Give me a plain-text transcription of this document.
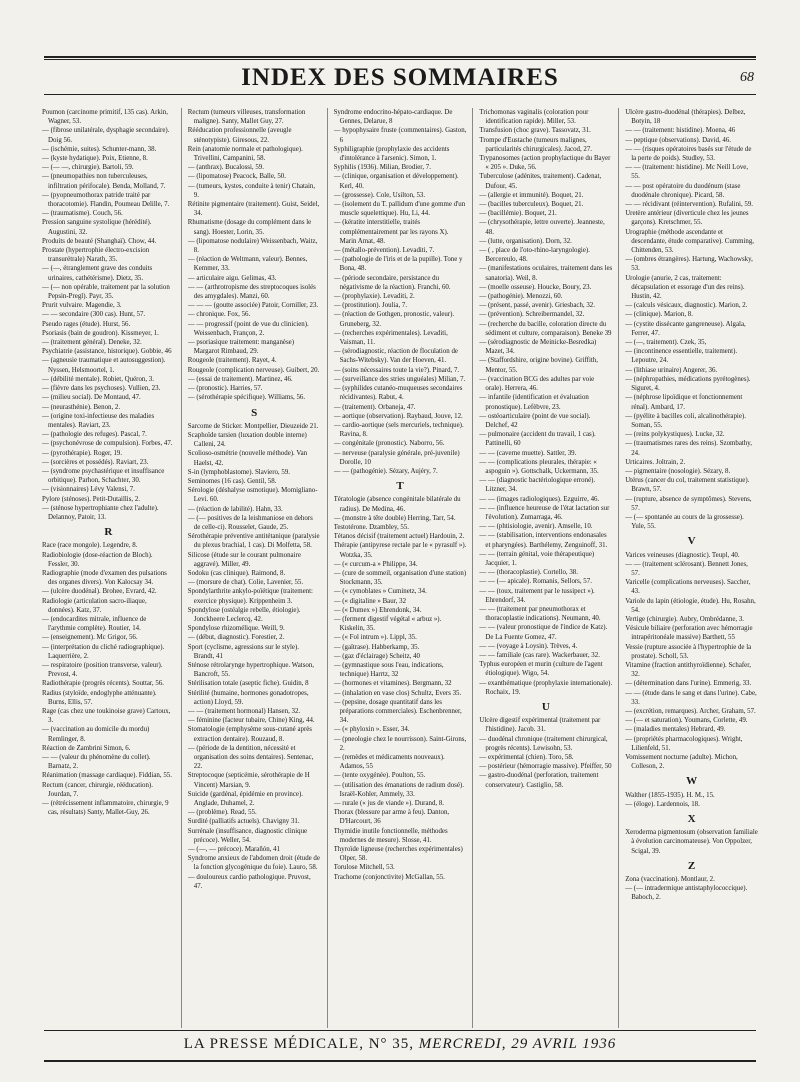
INDEX DES SOMMAIRES	68

Poumon (carcinome primitif, 135 cas). Arkin, Wagner, 53.

— (fibrose unilatérale, dysphagie secondaire). Doig 56.

— (ischémie, suites). Schunter-mann, 38.

— (kyste hydatique). Poix, Etienne, 8.

— (— —, chirurgie). Bartoli, 59.

— (pneumopathies non tuberculeuses, infiltration périfocale). Benda, Molland, 7.

— (pyopneumothorax patride traité par thoracotomie). Flandin, Poumeau Delille, 7.

— (traumatisme). Couch, 56.

Pression sanguine systolique (hérédité). Augustini, 32.

Produits de beauté (Shanghaï). Chow, 44.

Prostate (hypertrophie électro-excision transurétrale) Narath, 35.

— (—, étranglement grave des conduits urinaires, cathétérisme). Dietz, 35.

— (— non opérable, traitement par la solution Pepsin-Pregl). Payr, 35.

Prurit vulvaire. Magendie, 3.

— — secondaire (300 cas). Hunt, 57.

Pseudo rages (étude). Hurst, 56.

Psoriasis (bain de goudron). Kissmeyer, 1.

— (traitement général). Deneke, 32.

Psychiatrie (assistance, historique). Gobbie, 46

— (agneusie traumatique et autosuggestion). Nyssen, Helsmoortel, 1.

— (débilité mentale). Robiet, Quéron, 3.

— (fièvre dans les psychoses). Vullien, 23.

— (milieu social). De Montaud, 47.

— (neurasthénie). Benon, 2.

— (origine toxi-infectieuse des maladies mentales). Raviart, 23.

— (pathologie des refuges). Pascal, 7.

— (psychonévrose de compulsion). Forbes, 47.

— (pyrothérapie). Roger, 19.

— (sorcières et possédés). Raviart, 23.

— (syndrome psychastérique et insuffisance orbitique). Parhon, Schachter, 30.

— (visionnaires) Lévy Valensi, 7.

Pylore (sténoses). Petit-Dutaillis, 2.

— (sténose hypertrophiante chez l'adulte). Delannoy, Patoir, 13.

R

Race (race mongole). Legendre, 8.

Radiobiologie (dose-réaction de Bloch). Fessler, 30.

Radiographie (mode d'examen des pulsations des organes divers). Von Kalocsay 34.

— (ulcère duodénal). Brohee, Evrard, 42.

Radiologie (articulation sacro-iliaque, données). Katz, 37.

— (endocardites mitrale, influence de l'arythmie complète). Routier, 14.

— (enseignement). Mc Grigor, 56.

— (interprétation du cliché radiographique). Laquerrière, 2.

— respiratoire (position transverse, valeur). Prevost, 4.

Radiothérapie (progrès récents). Souttar, 56.

Radius (styloïde, endoglyphe atténuante). Burns, Ellis, 57.

Rage (cas chez une toukinoise grave) Cartoux, 3.

— (vaccination au domicile du mordu) Remlinger, 8.

Réaction de Zambrini Simon, 6.

— — (valeur du phénomène du collet). Barnatz, 2.

Réanimation (massage cardiaque). Fiddian, 55.

Rectum (cancer, chirurgie, rééducation). Jourdan, 7.

— (rétrécissement inflammatoire, chirurgie, 9 cas, résultats) Santy, Mallet-Guy, 26.

Rectum (tumeurs villeuses, transformation maligne). Santy, Mallet Guy, 27.

Rééducation professionnelle (aveugle sténotypiste). Giresous, 22.

Rein (anatomie normale et pathologique). Trivellini, Campanini, 58.

— (anthrax). Bucalossi, 59.

— (lipomatose) Peacock, Balle, 50.

— (tumeurs, kystes, conduite à tenir) Chatain, 9.

Rétinite pigmentaire (traitement). Guist, Seidel, 34.

Rhumatisme (dosage du complément dans le sang). Hoester, Lorin, 35.

— (lipomatose nodulaire) Weissenbach, Waitz, 8.

— (réaction de Weltmann, valeur). Bennes, Kemmer, 33.

— articulaire aigu. Gelimas, 43.

— — (arthrotropisme des streptocoques isolés des amygdales). Manzi, 60.

— — — (goutte associée) Patoir, Corniller, 23.

— chronique. Fox, 56.

— — progressif (point de vue du clinicien). Weissenbach, Françon, 2.

— psoriasique traitement: manganèse) Margarot Rimbaud, 29.

Rougeole (traitement). Rayet, 4.

Rougeole (complication nerveuse). Guibert, 20.

— (essai de traitement). Martinez, 46.

— (pronostic). Harries, 57.

— (sérothérapie spécifique). Williams, 56.

S

Sarcome de Sticker. Montpellier, Dieuzeide 21.

Scaphoïde tarsien (luxation double interne) Calleni, 24.

Scolioso-osmétrie (nouvelle méthode). Van Haelst, 42.

S-in (lymphoblastome). Slaviero, 59.

Seminomes (16 cas). Gentil, 58.

Sérologie (déshalyse osmotique). Momigliano-Levi. 60.

— (réaction de labilité). Hahn, 33.

— (— positives de la leishmaniose en dehors de celle-ci). Rousselet, Gaude, 25.

Sérothérapie préventive antitétanique (paralysie du plexus brachial, 1 cas). Di Molfetta, 58.

Silicose (étude sur le courant pulmonaire aggravé). Miller, 49.

Sodoku (cas clinique). Raimond, 8.

— (morsure de chat). Colie, Lavenier, 55.

Spondylarthrite ankylo-poïétique (traitement: exercice physique). Krippenheim 3.

Spondylose (ostéalgie rebelle, étiologie). Jonckheere Leclercq, 42.

Spondylose rhizomélique. Weill, 9.

— (début, diagnostic). Forestier, 2.

Sport (cyclisme, agressions sur le style). Brandt, 41

Sténose rétrolarynge hypertrophique. Watson, Bancroft, 55.

Stérilisation totale (aseptic fiche). Guidin, 8

Stérilité (humaine, hormones gonadotropes, action) Lloyd, 59.

— — (traitement hormonal) Hansen, 32.

— féminine (facteur tubaire, Chine) King, 44.

Stomatologie (emphysème sous-cutané après extraction dentaire). Rouzaud, 8.

— (période de la dentition, nécessité et organisation des soins dentaires). Sentenac, 22.

Streptocoque (septicémie, sérothérapie de H Vincent) Marsian, 9.

Suicide (gardénal, épidémie en province). Anglade, Duhamel, 2.

— (problème). Read, 55.

Surdité (palliatifs actuels). Chavigny 31.

Surrénale (insuffisance, diagnostic clinique précoce). Weller, 54.

— (—, — précoce). Marañón, 41

Syndrome anxieux de l'abdomen droit (étude de la fonction glycogénique du foie). Lauro, 58.

— douloureux cardio pathologique. Pruvost, 47.

Syndrome endocrino-hépato-cardiaque. De Gennes, Delarue, 8

— hypophysaire fruste (commentaires). Gaston, 6

Syphiligraphie (prophylaxie des accidents d'intolérance à l'arsenic). Simon, 1.

Syphilis (1936). Milian, Brodier, 7.

— (clinique, organisation et développement). Kerl, 40.

— (grossesse). Cole, Usilton, 53.

— (isolement du T. pallidum d'une gomme d'un muscle squelettique). Hu, Li, 44.

— (kératite interstitielle, traités complémentairement par les rayons X). Marin Amat, 48.

— (métallo-prévention). Levaditi, 7.

— (pathologie de l'iris et de la pupille). Tone y Bona, 48.

— (période secondaire, persistance du négativisme de la réaction). Franchi, 60.

— (prophylaxie). Levaditi, 2.

— (prostitution). Joulia, 7.

— (réaction de Gothgen, pronostic, valeur). Gruneberg, 32.

— (recherches expérimentales). Levaditi, Vaisman, 11.

— (sérodiagnostic, réaction de floculation de Sachs-Witebsky). Van der Hoeven, 41.

— (soins nécessaires toute la vie?). Pinard, 7.

— (surveillance des stries unguéales) Milian, 7.

— (syphilides cutanéo-muqueuses secondaires récidivantes). Rabut, 4.

— (traitement). Orbaneja, 47.

— aortique (observation). Raybaud, Jouve, 12.

— cardio-aortique (sels mercuriels, technique). Ravina, 8.

— congénitale (pronostic). Naborro, 56.

— nerveuse (paralysie générale, pré-juvenile) Dorolle, 10

— — (pathogénie). Sézary, Aujéry, 7.

T

Tératologie (absence congénitale bilatérale du radius). De Medina, 46.

— (monstre à tête double) Herring, Tarr, 54.

Testotérone. Dzambley, 55.

Tétanos décisif (traitement actuel) Hardouin, 2.

Thérapie (antipyrese rectale par le « pyrasulf »). Wotzka, 35.

— (« curcum-a » Philippe, 34.

— (cure de sommeil, organisation d'une station) Stockmann, 35.

— (« cymoblates » Cuminetz, 34.

— (« digitaline » Baur, 32

— (« Dumex ») Ehrendonk, 34.

— (ferment digestif végétal « arbuz »). Kiskelin, 35.

— (« Fol intrum »). Lippl, 35.

— (gaïtrase). Habberkamp, 35.

— (gaz d'éclairage) Scheitz, 40

— (gymnastique sous l'eau, indications, technique) Harrtz, 32

— (hormones et vitamines). Bergmann, 32

— (inhalation en vase clos) Schultz, Evers 35.

— (pepsine, dosage quantitatif dans les préparations commerciales). Eschenbrenner, 34.

— (« phyloxin ». Esser, 34.

— (pneologie chez le nourrisson). Saint-Girons, 2.

— (remèdes et médicaments nouveaux). Adamos, 55

— (tente oxygénée). Poulton, 55.

— (utilisation des émanations de radium dosé). Israël-Kohler, Ammely, 33.

— rurale (« jus de viande »). Durand, 8.

Thorax (blessure par arme à feu). Danton, D'Harcourt, 36

Thymidie inutile fonctionnelle, méthodes modernes de mesure). Slosse, 41.

Thyroïde ligneuse (recherches expérimentales) Olper, 58.

Torulose Mitchell, 53.

Trachome (conjonctivite) McGallan, 55.

Trichomonas vaginalis (coloration pour identification rapide). Miller, 53.

Transfusion (choc grave). Tassovatz, 31.

Trompe d'Eustache (tumeurs malignes, particularités chirurgicales). Jacod, 27.

Trypanosomes (action prophylactique du Bayer « 205 ». Duke, 56.

Tuberculose (adénites, traitement). Cadenat, Dufour, 45.

— (allergie et immunité). Boquet, 21.

— (bacilles tuberculeux). Boquet, 21.

— (bacillémie). Boquet, 21.

— (chrysothérapie, lettre ouverte). Jeanneste, 48.

— (lutte, organisation). Dorn, 32.

— ( , place de l'oto-rhino-laryngologie). Bercereulo, 48.

— (manifestations oculaires, traitement dans les sanatoria). Weil, 8.

— (moelle osseuse). Houcke, Boury, 23.

— (pathogénie). Menozzi, 60.

— (présent, passé, avenir). Griesbach, 32.

— (prévention). Schreibermandel, 32.

— (recherche du bacille, coloration directe du sédiment et culture, comparaison). Beneke 39

— (sérodiagnostic de Meinicke-Besredka) Mazet, 34.

— (Staffordshire, origine bovine). Griffith, Mentor, 55.

— (vaccination BCG des adultes par voie orale). Herrera, 46.

— infantile (identification et évaluation pronostique). Lefèbvre, 23.

— ostéoarticulaire (point de vue social). Delchef, 42

— pulmonaire (accident du travail, 1 cas). Pattinelli, 60

— — (caverne muette). Sattler, 39.

— — (complications pleurales, thérapie: « aspoguin »). Gottschalk, Uckermann, 35.

— — (diagnostic bactériologique erroné). Litzner, 34.

— — (images radiologiques). Ezguirre, 46.

— — (influence heureuse de l'état lactation sur l'évolution). Zumarraga, 46.

— — (phtisiologie, avenir). Amselle, 10.

— — (stabilisation, interventions endonasales et pharyngées). Barthélemy, Zenguinoff, 31.

— — (terrain génital, voie thérapeutique) Jacquier, 1.

— — (thoracoplastie). Cortello, 38.

— — (— apicale). Romanis, Sellors, 57.

— — (toux, traitement par le tussipect »). Ehrendorf, 34.

— — (traitement par pneumothorax et thoracoplastie indications). Neumann, 40.

— — (valeur pronostique de l'indice de Katz). De La Fuente Gomez, 47.

— — (voyage à Loysin). Trèves, 4.

— — familiale (cas rare). Wackerbauer, 32.

Typhus européen et murin (culture de l'agent étiologique). Wigo, 54.

— exanthématique (prophylaxie internationale). Rochaix, 19.

U

Ulcère digestif expérimental (traitement par l'histidine). Jacob. 31.

— duodénal chronique (traitement chirurgical, progrès récents). Lewisohn, 53.

— expérimental (chien). Toro, 58.

— postérieur (hémorragie massive). Pfeiffer, 50

— gastro-duodénal (perforation, traitement conservateur). Castiglio, 58.

Ulcère gastro-duodénal (thérapies). Delbez, Botyin, 18

— — (traitement: histidine). Moena, 46

— peptique (observations). David, 46.

— — (risques opératoires basés sur l'étude de la perte de poids). Studley, 53.

— — (traitement: histidine). Mc Neill Love, 55.

— — post opératoire du duodénum (stase duodénale chronique). Picard, 58.

— — récidivant (réintervention). Rufalini, 59.

Uretère antérieur (diverticule chez les jeunes garçons). Kretschmer, 55.

Urographie (méthode ascendante et descendante, étude comparative). Cumming, Chittenden, 53.

— (ombres étrangères). Hartung, Wachowsky, 53.

Urologie (anurie, 2 cas, traitement: décapsulation et essorage d'un des reins). Hustin, 42.

— (calculs vésicaux, diagnostic). Marion, 2.

— (clinique). Marion, 8.

— (cystite dissécante gangreneuse). Algala, Ferrer, 47.

— (—, traitement). Czek, 35,

— (incontinence essentielle, traitement). Lepoutre, 24.

— (lithiase urinaire) Angerer, 36.

— (néphropathies, médications pyrétogènes). Siguret, 4.

— (néphrose lipoïdique et fonctionnement rénal). Ambard, 17.

— (pyélite à bacilles coli, alcalinothérapie). Soman, 55.

— (reins polykystiques). Lucke, 32.

— (traumatismes rares des reins). Szombathy, 24.

Urticaires. Joltrain, 2.

— pigmentaire (nosologie). Sézary, 8.

Utérus (cancer du col, traitement statistique). Brawn, 57.

— (rupture, absence de symptômes). Stevens, 57.

— (— spontanée au cours de la grossesse). Yule, 55.

V

Varices veineuses (diagnostic). Teupl, 40.

— — (traitement sclérosant). Bennett Jones, 57.

Varicelle (complications nerveuses). Saccher, 43.

Variole du lapin (étiologie, étude). Hu, Rosahn, 54.

Vertige (chirurgie). Aubry, Ombrédanne, 3.

Vésicule biliaire (perforation avec hémorragie intrapéritonéale massive) Barthett, 55

Vessie (rupture associée à l'hypertrophie de la prostate). Scholl, 53.

Vitamine (fraction antithyroïdienne). Schafer, 32.

— (détermination dans l'urine). Emmerig, 33.

— — (étude dans le sang et dans l'urine). Cabe, 33.

— (excrétion, remarques). Archer, Graham, 57.

— (— et saturation). Youmans, Corlette, 49.

— (maladies mentales) Hebrard, 49.

— (propriétés pharmacologiques). Wright, Lilienfeld, 51.

Vomissement nocturne (adulte). Michon, Colleson, 2.

W

Walther (1855-1935). H. M., 15.

— (éloge). Lardennois, 18.

X

Xeroderma pigmentosum (observation familiale à évolution carcinomateuse). Von Oppolzer, Scigal, 39.

Z

Zona (vaccination). Montlaur, 2.

— (— intradermique antistaphylococcique). Baboch, 2.

LA PRESSE MÉDICALE, N° 35, MERCREDI, 29 AVRIL 1936
